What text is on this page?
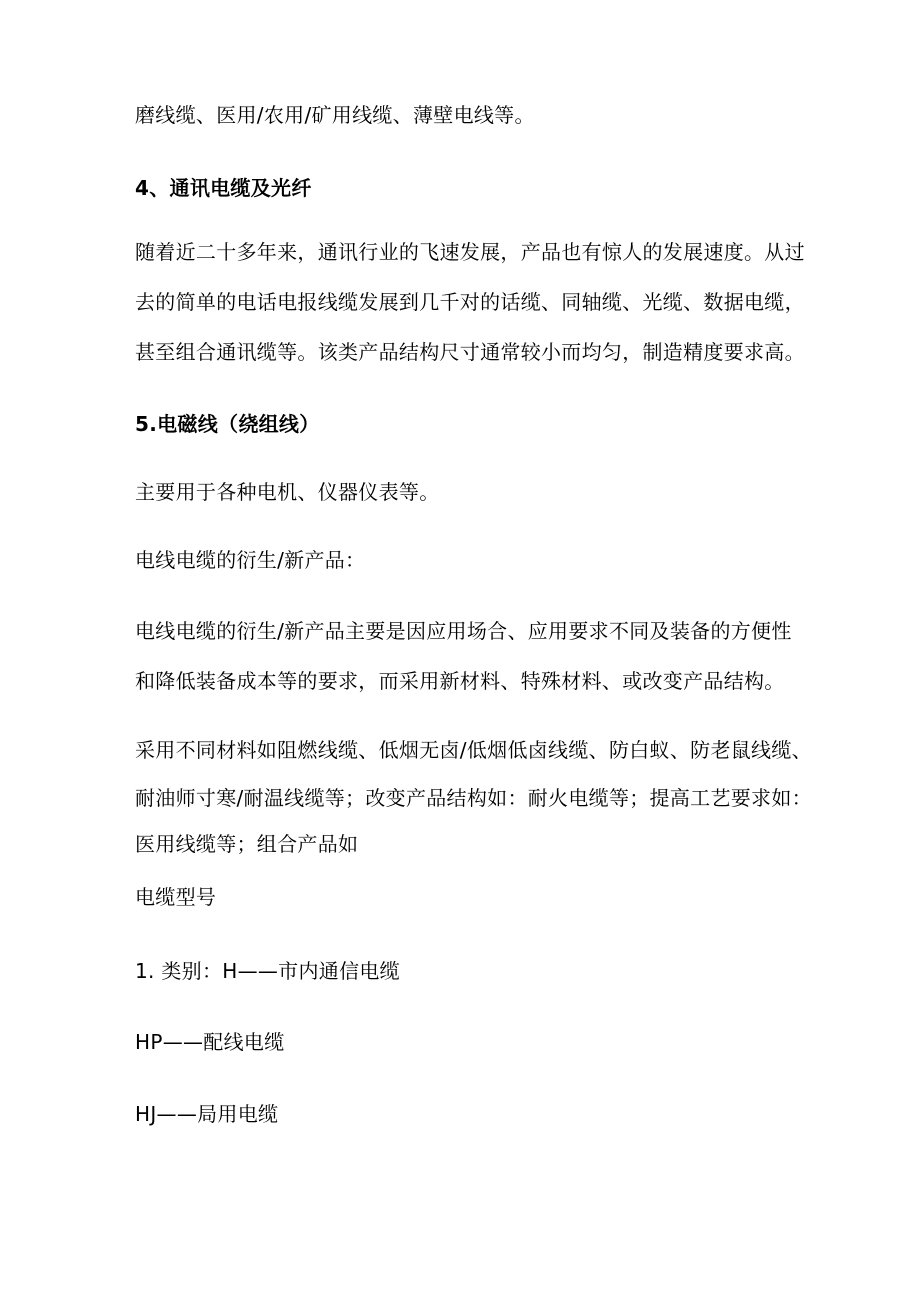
磨线缆、医用/农用/矿用线缆、薄壁电线等。
4、通讯电缆及光纤
随着近二十多年来，通讯行业的飞速发展，产品也有惊人的发展速度。从过
去的简单的电话电报线缆发展到几千对的话缆、同轴缆、光缆、数据电缆，
甚至组合通讯缆等。该类产品结构尺寸通常较小而均匀，制造精度要求高。
5.电磁线（绕组线）
主要用于各种电机、仪器仪表等。
电线电缆的衍生/新产品：
电线电缆的衍生/新产品主要是因应用场合、应用要求不同及装备的方便性
和降低装备成本等的要求，而采用新材料、特殊材料、或改变产品结构。
采用不同材料如阻燃线缆、低烟无卤/低烟低卤线缆、防白蚁、防老鼠线缆、
耐油师寸寒/耐温线缆等；改变产品结构如：耐火电缆等；提高工艺要求如：
医用线缆等；组合产品如
电缆型号
1. 类别：H——市内通信电缆
HP——配线电缆
HJ——局用电缆
